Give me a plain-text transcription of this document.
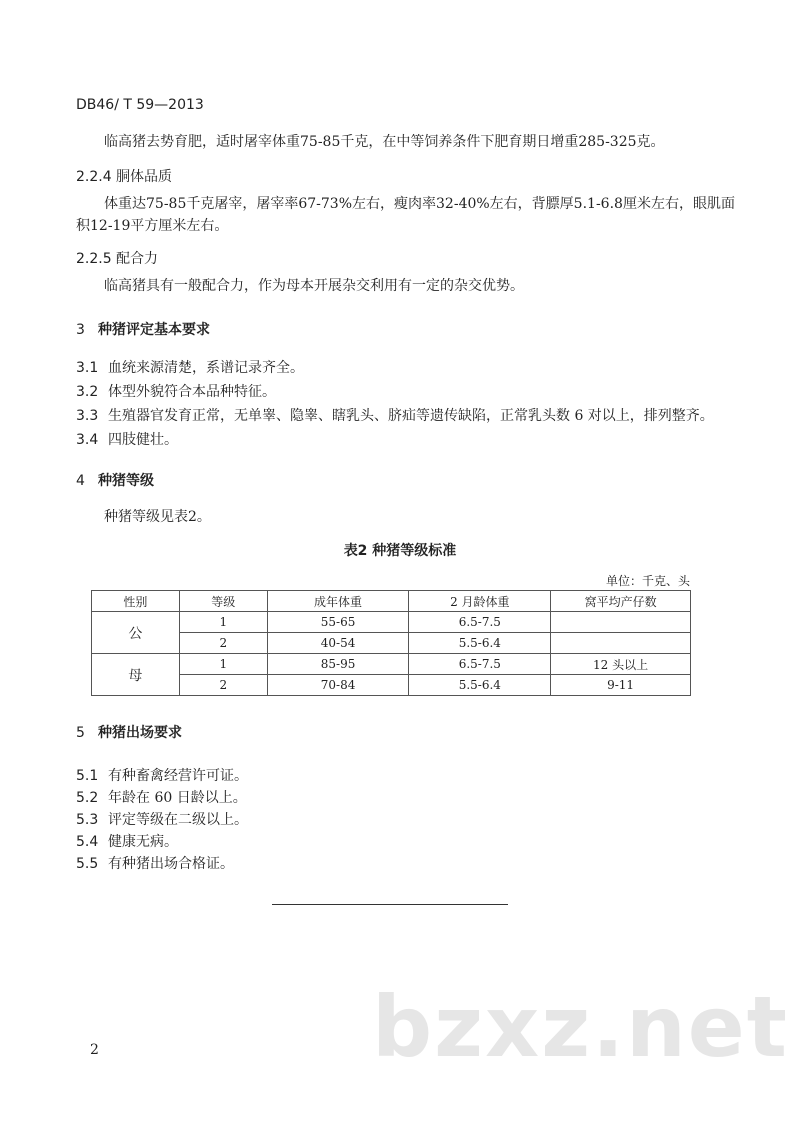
DB46/ T 59—2013
临高猪去势育肥，适时屠宰体重75-85千克，在中等饲养条件下肥育期日增重285-325克。
2.2.4 胴体品质
体重达75-85千克屠宰，屠宰率67-73%左右，瘦肉率32-40%左右，背膘厚5.1-6.8厘米左右，眼肌面
积12-19平方厘米左右。
2.2.5 配合力
临高猪具有一般配合力，作为母本开展杂交利用有一定的杂交优势。
3 种猪评定基本要求
3.1 血统来源清楚，系谱记录齐全。
3.2 体型外貌符合本品种特征。
3.3 生殖器官发育正常，无单睾、隐睾、瞎乳头、脐疝等遗传缺陷，正常乳头数 6 对以上，排列整齐。
3.4 四肢健壮。
4 种猪等级
种猪等级见表2。
表2 种猪等级标准
单位：千克、头
性别	等级	成年体重	2 月龄体重	窝平均产仔数
公	1	55-65	6.5-7.5	
	2	40-54	5.5-6.4	
母	1	85-95	6.5-7.5	12 头以上
	2	70-84	5.5-6.4	9-11
5 种猪出场要求
5.1 有种畜禽经营许可证。
5.2 年龄在 60 日龄以上。
5.3 评定等级在二级以上。
5.4 健康无病。
5.5 有种猪出场合格证。
bzxz.net
2
